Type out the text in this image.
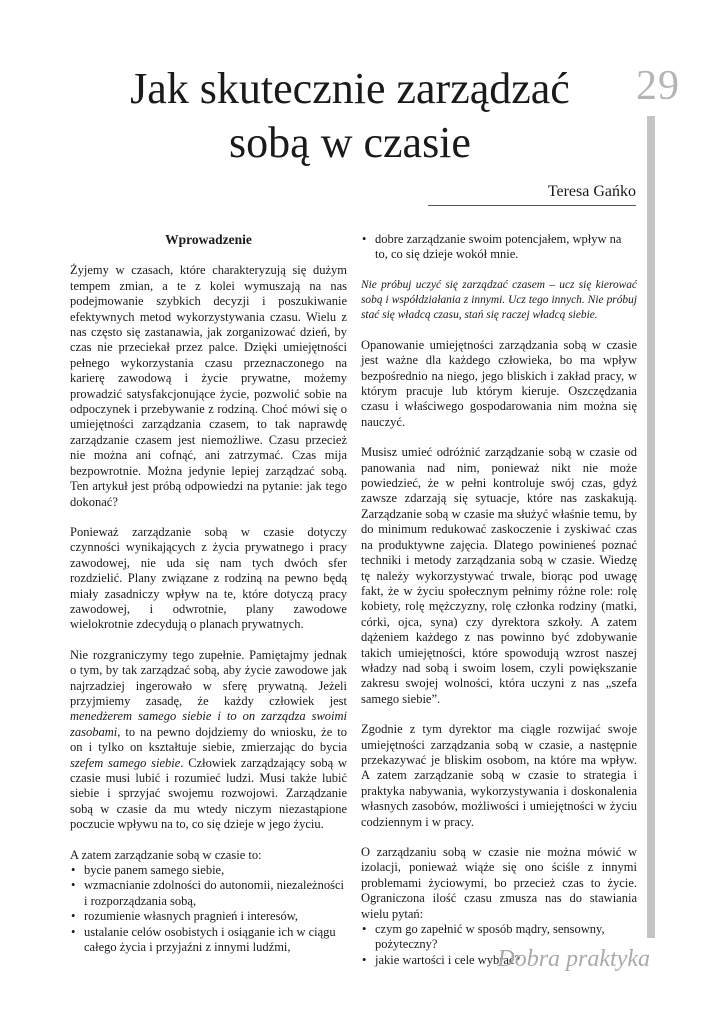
Jak skutecznie zarządzać
sobą w czasie
29
Teresa Gańko

Wprowadzenie

Żyjemy w czasach, które charakteryzują się dużym tempem zmian, a te z kolei wymuszają na nas podejmowanie szybkich decyzji i poszukiwanie efektywnych metod wykorzystywania czasu. Wielu z nas często się zastanawia, jak zorganizować dzień, by czas nie przeciekał przez palce. Dzięki umiejętności pełnego wykorzystania czasu przeznaczonego na karierę zawodową i życie prywatne, możemy prowadzić satysfakcjonujące życie, pozwolić sobie na odpoczynek i przebywanie z rodziną. Choć mówi się o umiejętności zarządzania czasem, to tak naprawdę zarządzanie czasem jest niemożliwe. Czasu przecież nie można ani cofnąć, ani zatrzymać. Czas mija bezpowrotnie. Można jedynie lepiej zarządzać sobą. Ten artykuł jest próbą odpowiedzi na pytanie: jak tego dokonać?

Ponieważ zarządzanie sobą w czasie dotyczy czynności wynikających z życia prywatnego i pracy zawodowej, nie uda się nam tych dwóch sfer rozdzielić. Plany związane z rodziną na pewno będą miały zasadniczy wpływ na te, które dotyczą pracy zawodowej, i odwrotnie, plany zawodowe wielokrotnie zdecydują o planach prywatnych.

Nie rozgraniczymy tego zupełnie. Pamiętajmy jednak o tym, by tak zarządzać sobą, aby życie zawodowe jak najrzadziej ingerowało w sferę prywatną. Jeżeli przyjmiemy zasadę, że każdy człowiek jest menedżerem samego siebie i to on zarządza swoimi zasobami, to na pewno dojdziemy do wniosku, że to on i tylko on kształtuje siebie, zmierzając do bycia szefem samego siebie. Człowiek zarządzający sobą w czasie musi lubić i rozumieć ludzi. Musi także lubić siebie i sprzyjać swojemu rozwojowi. Zarządzanie sobą w czasie da mu wtedy niczym niezastąpione poczucie wpływu na to, co się dzieje w jego życiu.

A zatem zarządzanie sobą w czasie to:

• bycie panem samego siebie,
• wzmacnianie zdolności do autonomii, niezależności i rozporządzania sobą,
• rozumienie własnych pragnień i interesów,
• ustalanie celów osobistych i osiąganie ich w ciągu całego życia i przyjaźni z innymi ludźmi,
• dobre zarządzanie swoim potencjałem, wpływ na to, co się dzieje wokół mnie.

Nie próbuj uczyć się zarządzać czasem – ucz się kierować sobą i współdziałania z innymi. Ucz tego innych. Nie próbuj stać się władcą czasu, stań się raczej władcą siebie.

Opanowanie umiejętności zarządzania sobą w czasie jest ważne dla każdego człowieka, bo ma wpływ bezpośrednio na niego, jego bliskich i zakład pracy, w którym pracuje lub którym kieruje. Oszczędzania czasu i właściwego gospodarowania nim można się nauczyć.

Musisz umieć odróżnić zarządzanie sobą w czasie od panowania nad nim, ponieważ nikt nie może powiedzieć, że w pełni kontroluje swój czas, gdyż zawsze zdarzają się sytuacje, które nas zaskakują. Zarządzanie sobą w czasie ma służyć właśnie temu, by do minimum redukować zaskoczenie i zyskiwać czas na produktywne zajęcia. Dlatego powinieneś poznać techniki i metody zarządzania sobą w czasie. Wiedzę tę należy wykorzystywać trwale, biorąc pod uwagę fakt, że w życiu społecznym pełnimy różne role: rolę kobiety, rolę mężczyzny, rolę członka rodziny (matki, córki, ojca, syna) czy dyrektora szkoły. A zatem dążeniem każdego z nas powinno być zdobywanie takich umiejętności, które spowodują wzrost naszej władzy nad sobą i swoim losem, czyli powiększanie zakresu swojej wolności, która uczyni z nas „szefa samego siebie”.

Zgodnie z tym dyrektor ma ciągle rozwijać swoje umiejętności zarządzania sobą w czasie, a następnie przekazywać je bliskim osobom, na które ma wpływ. A zatem zarządzanie sobą w czasie to strategia i praktyka nabywania, wykorzystywania i doskonalenia własnych zasobów, możliwości i umiejętności w życiu codziennym i w pracy.

O zarządzaniu sobą w czasie nie można mówić w izolacji, ponieważ wiąże się ono ściśle z innymi problemami życiowymi, bo przecież czas to życie. Ograniczona ilość czasu zmusza nas do stawiania wielu pytań:

• czym go zapełnić w sposób mądry, sensowny, pożyteczny?
• jakie wartości i cele wybrać?
Dobra praktyka
